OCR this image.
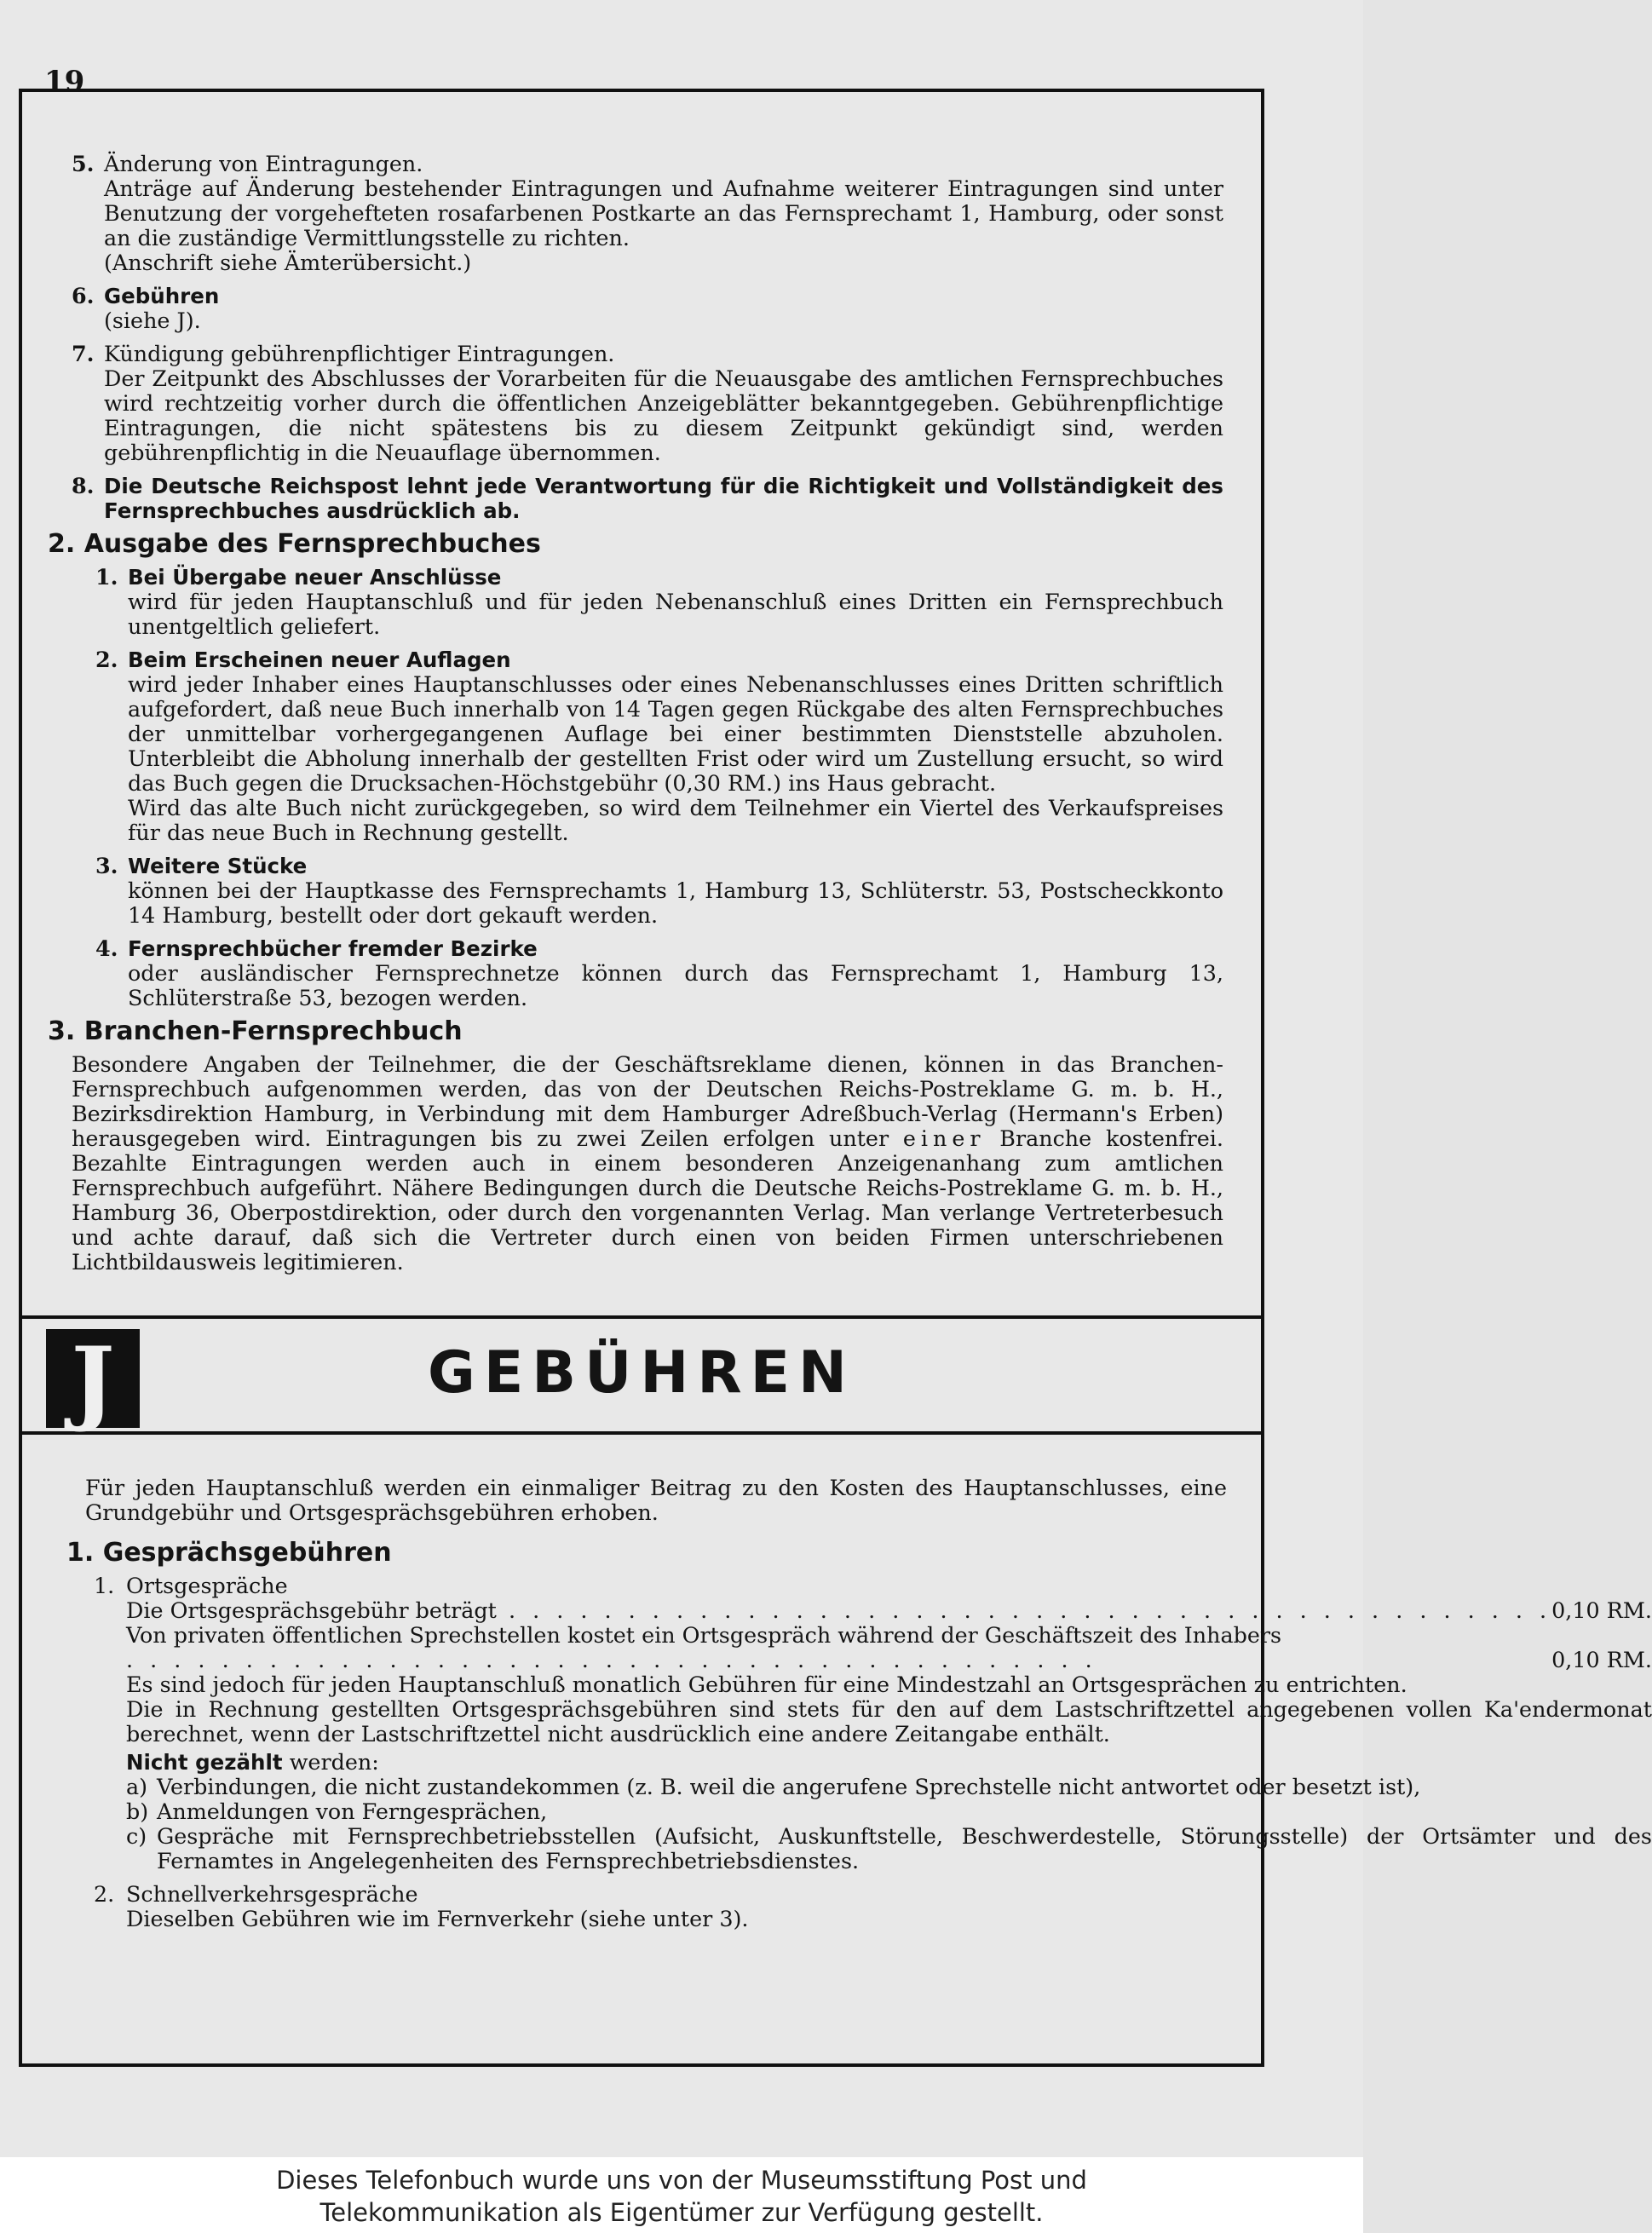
19
5. Änderung von Eintragungen.

Anträge auf Änderung bestehender Eintragungen und Aufnahme weiterer Eintragungen sind unter Benutzung der vorgehefteten rosafarbenen Postkarte an das Fernsprechamt 1, Hamburg, oder sonst an die zuständige Vermittlungsstelle zu richten.

(Anschrift siehe Ämterübersicht.)

6. Gebühren

(siehe J).

7. Kündigung gebührenpflichtiger Eintragungen.

Der Zeitpunkt des Abschlusses der Vorarbeiten für die Neuausgabe des amtlichen Fernsprechbuches wird rechtzeitig vorher durch die öffentlichen Anzeigeblätter bekanntgegeben. Gebührenpflichtige Eintragungen, die nicht spätestens bis zu diesem Zeitpunkt gekündigt sind, werden gebührenpflichtig in die Neuauflage übernommen.

8. Die Deutsche Reichspost lehnt jede Verantwortung für die Richtigkeit und Vollständigkeit des Fernsprechbuches ausdrücklich ab.

2. Ausgabe des Fernsprechbuches
1. Bei Übergabe neuer Anschlüsse

wird für jeden Hauptanschluß und für jeden Nebenanschluß eines Dritten ein Fernsprechbuch unentgeltlich geliefert.

2. Beim Erscheinen neuer Auflagen

wird jeder Inhaber eines Hauptanschlusses oder eines Nebenanschlusses eines Dritten schriftlich aufgefordert, daß neue Buch innerhalb von 14 Tagen gegen Rückgabe des alten Fernsprechbuches der unmittelbar vorhergegangenen Auflage bei einer bestimmten Dienststelle abzuholen. Unterbleibt die Abholung innerhalb der gestellten Frist oder wird um Zustellung ersucht, so wird das Buch gegen die Drucksachen-Höchstgebühr (0,30 RM.) ins Haus gebracht.

Wird das alte Buch nicht zurückgegeben, so wird dem Teilnehmer ein Viertel des Verkaufspreises für das neue Buch in Rechnung gestellt.

3. Weitere Stücke

können bei der Hauptkasse des Fernsprechamts 1, Hamburg 13, Schlüterstr. 53, Postscheckkonto 14 Hamburg, bestellt oder dort gekauft werden.

4. Fernsprechbücher fremder Bezirke

oder ausländischer Fernsprechnetze können durch das Fernsprechamt 1, Hamburg 13, Schlüterstraße 53, bezogen werden.

3. Branchen-Fernsprechbuch

Besondere Angaben der Teilnehmer, die der Geschäftsreklame dienen, können in das Branchen-Fernsprechbuch aufgenommen werden, das von der Deutschen Reichs-Postreklame G. m. b. H., Bezirksdirektion Hamburg, in Verbindung mit dem Hamburger Adreßbuch-Verlag (Hermann's Erben) herausgegeben wird. Eintragungen bis zu zwei Zeilen erfolgen unter einer Branche kostenfrei. Bezahlte Eintragungen werden auch in einem besonderen Anzeigenanhang zum amtlichen Fernsprechbuch aufgeführt. Nähere Bedingungen durch die Deutsche Reichs-Postreklame G. m. b. H., Hamburg 36, Oberpostdirektion, oder durch den vorgenannten Verlag. Man verlange Vertreterbesuch und achte darauf, daß sich die Vertreter durch einen von beiden Firmen unterschriebenen Lichtbildausweis legitimieren.

J	GEBÜHREN

Für jeden Hauptanschluß werden ein einmaliger Beitrag zu den Kosten des Hauptanschlusses, eine Grundgebühr und Ortsgesprächsgebühren erhoben.

1. Gesprächsgebühren
1. Ortsgespräche

Die Ortsgesprächsgebühr beträgt . . . . . . . . . . . . . . . . . . . . . . . . . . . . . . . . . . . . . . . . . . . . 0,10 RM.
Von privaten öffentlichen Sprechstellen kostet ein Ortsgespräch während der Geschäftszeit des Inhabers . . . . . . . . . . . . . . . . . . . . . . . . . . . . . . . . . . . . . . . . .	0,10 RM.

Es sind jedoch für jeden Hauptanschluß monatlich Gebühren für eine Mindestzahl an Ortsgesprächen zu entrichten.

Die in Rechnung gestellten Ortsgesprächsgebühren sind stets für den auf dem Lastschriftzettel angegebenen vollen Ka'endermonat berechnet, wenn der Lastschriftzettel nicht ausdrücklich eine andere Zeitangabe enthält.

Nicht gezählt werden:

a) Verbindungen, die nicht zustandekommen (z. B. weil die angerufene Sprechstelle nicht antwortet oder besetzt ist),

b) Anmeldungen von Ferngesprächen,

c) Gespräche mit Fernsprechbetriebsstellen (Aufsicht, Auskunftstelle, Beschwerdestelle, Störungsstelle) der Ortsämter und des Fernamtes in Angelegenheiten des Fernsprechbetriebsdienstes.

2. Schnellverkehrsgespräche

Dieselben Gebühren wie im Fernverkehr (siehe unter 3).

Dieses Telefonbuch wurde uns von der Museumsstiftung Post und
Telekommunikation als Eigentümer zur Verfügung gestellt.
